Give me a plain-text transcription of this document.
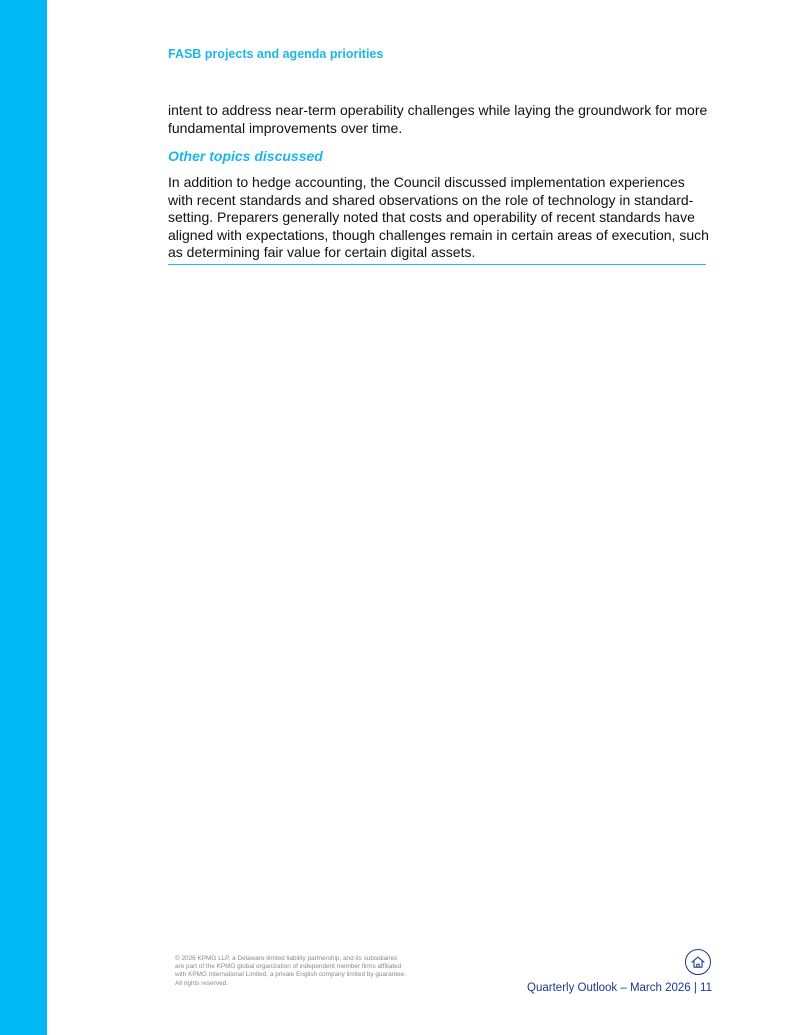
FASB projects and agenda priorities

intent to address near-term operability challenges while laying the groundwork for more fundamental improvements over time.

Other topics discussed

In addition to hedge accounting, the Council discussed implementation experiences with recent standards and shared observations on the role of technology in standard-setting. Preparers generally noted that costs and operability of recent standards have aligned with expectations, though challenges remain in certain areas of execution, such as determining fair value for certain digital assets.

© 2026 KPMG LLP, a Delaware limited liability partnership, and its subsidiaries
are part of the KPMG global organization of independent member firms affiliated
with KPMG International Limited, a private English company limited by guarantee.
All rights reserved.	Quarterly Outlook – March 2026 | 11
